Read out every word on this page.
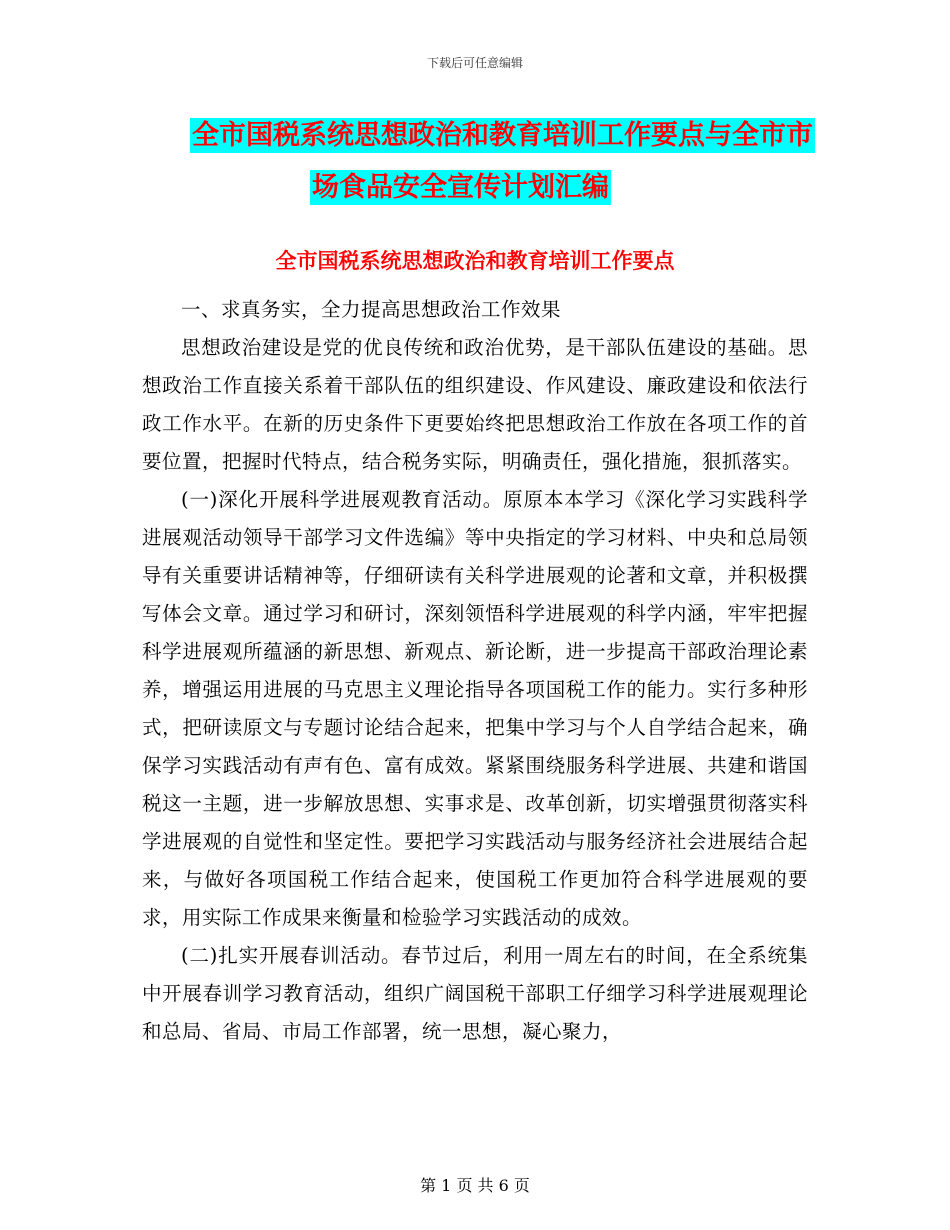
下载后可任意编辑
全市国税系统思想政治和教育培训工作要点与全市市
场食品安全宣传计划汇编
全市国税系统思想政治和教育培训工作要点

一、求真务实，全力提高思想政治工作效果

思想政治建设是党的优良传统和政治优势，是干部队伍建设的基础。思想政治工作直接关系着干部队伍的组织建设、作风建设、廉政建设和依法行政工作水平。在新的历史条件下更要始终把思想政治工作放在各项工作的首要位置，把握时代特点，结合税务实际，明确责任，强化措施，狠抓落实。

(一)深化开展科学进展观教育活动。原原本本学习《深化学习实践科学进展观活动领导干部学习文件选编》等中央指定的学习材料、中央和总局领导有关重要讲话精神等，仔细研读有关科学进展观的论著和文章，并积极撰写体会文章。通过学习和研讨，深刻领悟科学进展观的科学内涵，牢牢把握科学进展观所蕴涵的新思想、新观点、新论断，进一步提高干部政治理论素养，增强运用进展的马克思主义理论指导各项国税工作的能力。实行多种形式，把研读原文与专题讨论结合起来，把集中学习与个人自学结合起来，确保学习实践活动有声有色、富有成效。紧紧围绕服务科学进展、共建和谐国税这一主题，进一步解放思想、实事求是、改革创新，切实增强贯彻落实科学进展观的自觉性和坚定性。要把学习实践活动与服务经济社会进展结合起来，与做好各项国税工作结合起来，使国税工作更加符合科学进展观的要求，用实际工作成果来衡量和检验学习实践活动的成效。

(二)扎实开展春训活动。春节过后，利用一周左右的时间，在全系统集中开展春训学习教育活动，组织广阔国税干部职工仔细学习科学进展观理论和总局、省局、市局工作部署，统一思想，凝心聚力，

第 1 页 共 6 页
